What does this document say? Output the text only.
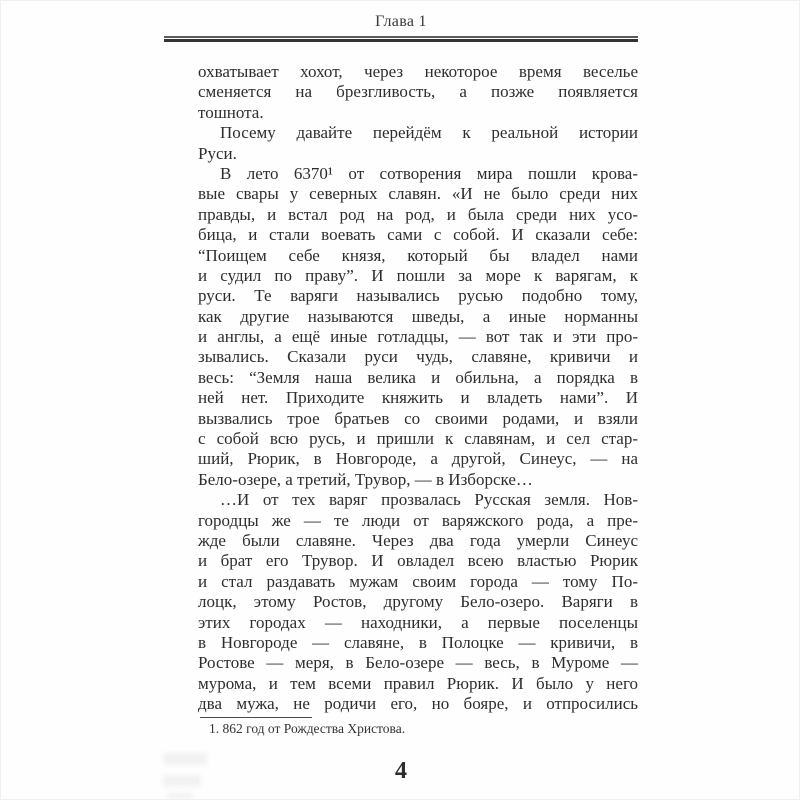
Глава 1
охватывает хохот, через некоторое время веселье
сменяется на брезгливость, а позже появляется
тошнота.
Посему давайте перейдём к реальной истории
Руси.
В лето 6370¹ от сотворения мира пошли крова-
вые свары у северных славян. «И не было среди них
правды, и встал род на род, и была среди них усо-
бица, и стали воевать сами с собой. И сказали себе:
“Поищем себе князя, который бы владел нами
и судил по праву”. И пошли за море к варягам, к
руси. Те варяги назывались русью подобно тому,
как другие называются шведы, а иные норманны
и англы, а ещё иные готладцы, — вот так и эти про-
зывались. Сказали руси чудь, славяне, кривичи и
весь: “Земля наша велика и обильна, а порядка в
ней нет. Приходите княжить и владеть нами”. И
вызвались трое братьев со своими родами, и взяли
с собой всю русь, и пришли к славянам, и сел стар-
ший, Рюрик, в Новгороде, а другой, Синеус, — на
Бело-озере, а третий, Трувор, — в Изборске…
…И от тех варяг прозвалась Русская земля. Нов-
городцы же — те люди от варяжского рода, а пре-
жде были славяне. Через два года умерли Синеус
и брат его Трувор. И овладел всею властью Рюрик
и стал раздавать мужам своим города — тому По-
лоцк, этому Ростов, другому Бело-озеро. Варяги в
этих городах — находники, а первые поселенцы
в Новгороде — славяне, в Полоцке — кривичи, в
Ростове — меря, в Бело-озере — весь, в Муроме —
мурома, и тем всеми правил Рюрик. И было у него
два мужа, не родичи его, но бояре, и отпросились
1. 862 год от Рождества Христова.
4
